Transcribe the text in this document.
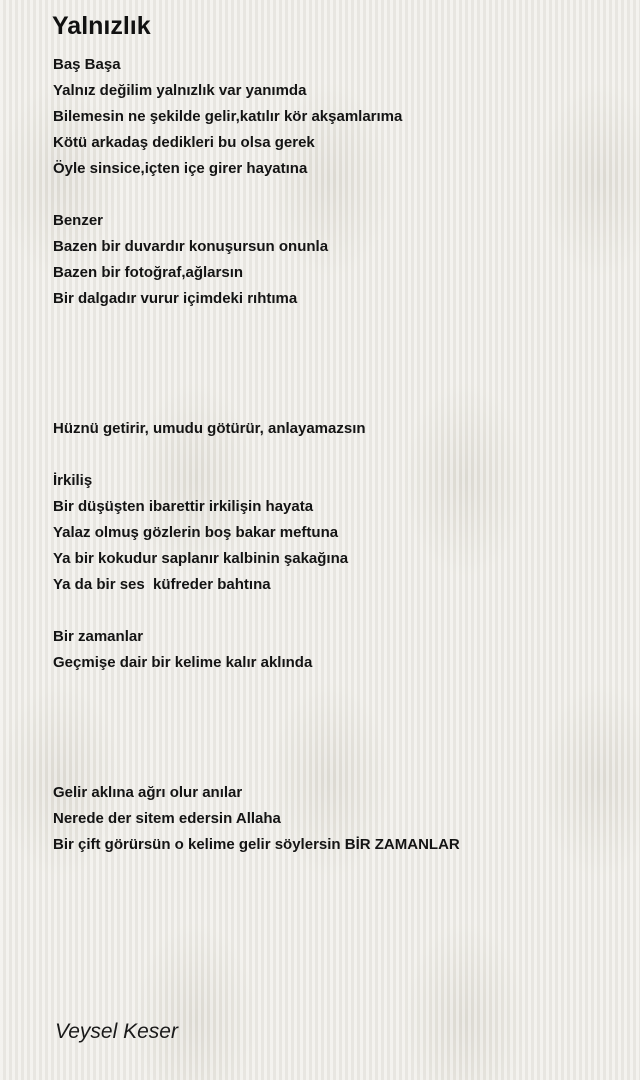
Yalnızlık
Baş Başa
Yalnız değilim yalnızlık var yanımda
Bilemesin ne şekilde gelir,katılır kör akşamlarıma
Kötü arkadaş dedikleri bu olsa gerek
Öyle sinsice,içten içe girer hayatına
Benzer
Bazen bir duvardır konuşursun onunla
Bazen bir fotoğraf,ağlarsın
Bir dalgadır vurur içimdeki rıhtıma
Hüznü getirir, umudu götürür, anlayamazsın
İrkiliş
Bir düşüşten ibarettir irkilişin hayata
Yalaz olmuş gözlerin boş bakar meftuna
Ya bir kokudur saplanır kalbinin şakağına
Ya da bir ses  küfreder bahtına
Bir zamanlar
Geçmişe dair bir kelime kalır aklında
Gelir aklına ağrı olur anılar
Nerede der sitem edersin Allaha
Bir çift görürsün o kelime gelir söylersin BİR ZAMANLAR
Veysel Keser
